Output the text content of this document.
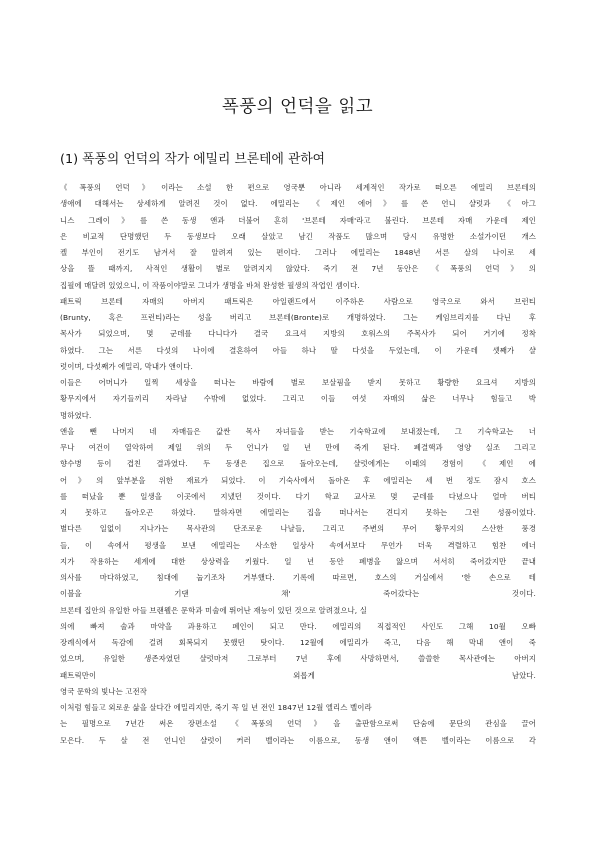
폭풍의 언덕을 읽고
(1) 폭풍의 언덕의 작가 에밀리 브론테에 관하여
《폭풍의 언덕》이라는 소설 한 편으로 영국뿐 아니라 세계적인 작가로 떠오른 에밀리 브론테의
생애에 대해서는 상세하게 알려진 것이 없다. 에밀리는 《제인 에어》를 쓴 언니 샬럿과 《아그
니스 그레이》를 쓴 동생 앤과 더불어 흔히 '브론테 자매'라고 불린다. 브론테 자매 가운데 제인
은 비교적 단명했던 두 동생보다 오래 살았고 남긴 작품도 많으며 당시 유명한 소설가이던 개스
켈 부인이 전기도 남겨서 잘 알려져 있는 편이다. 그러나 에밀리는 1848년 서른 살의 나이로 세
상을 뜰 때까지, 사적인 생활이 별로 알려지지 않았다. 죽기 전 7년 동안은 《폭풍의 언덕》의
집필에 매달려 있었으니, 이 작품이야말로 그녀가 생명을 바쳐 완성한 필생의 작업인 셈이다.
패트릭 브론테 자매의 아버지 패트릭은 아일랜드에서 이주하온 사람으로 영국으로 와서 브런티
(Brunty, 혹은 프런티)라는 성을 버리고 브론테(Bronte)로 개명하였다. 그는 케임브리지를 다닌 후
목사가 되었으며, 몇 군데를 다니다가 결국 요크셔 지방의 호워스의 주목사가 되어 거기에 정착
하였다. 그는 서른 다섯의 나이에 결혼하여 아들 하나 딸 다섯을 두었는데, 이 가운데 셋째가 샬
럿이며, 다섯째가 에밀리, 막내가 앤이다.
이들은 어머니가 일찍 세상을 떠나는 바람에 별로 보살핌을 받지 못하고 황량한 요크셔 지방의
황무지에서 자기들끼리 자라날 수밖에 없었다. 그리고 이들 여섯 자매의 삶은 너무나 힘들고 박
명하였다.
앤을 뺀 나머지 네 자매들은 값싼 목사 자녀들을 받는 기숙학교에 보내졌는데, 그 기숙학교는 너
무나 여건이 열악하여 제일 위의 두 언니가 일 년 만에 죽게 된다. 폐결핵과 영양 실조 그리고
향수병 등이 겹친 결과였다. 두 동생은 집으로 돌아오는데, 샬럿에게는 이때의 경험이 《제인 에
어》의 앞부분을 위한 재료가 되었다. 이 기숙사에서 돌아온 후 에밀리는 세 번 정도 잠시 호스
를 떠났을 뿐 일생을 이곳에서 지냈던 것이다. 다기 학교 교사로 몇 군데를 다녔으나 얼마 버티
지 못하고 돌아오곤 하였다. 말하자면 에밀리는 집을 떠나서는 견디지 못하는 그런 성품이었다.
별다른 일없이 지나가는 목사관의 단조로운 나날들, 그리고 주변의 무어 황무지의 스산한 풍경
들, 이 속에서 평생을 보낸 에밀리는 사소한 일상사 속에서보다 무언가 더욱 격렬하고 힘찬 에너
지가 작용하는 세계에 대한 상상력을 키웠다. 일 년 동안 폐병을 앓으며 서서히 죽어갔지만 끝내
의사를 마다하였고, 침대에 눕기조차 거부했다. 기록에 따르면, 호스의 거실에서 '한 손으로 테
이블을 기댄 채' 죽어갔다는 것이다.
브론테 집안의 유일한 아들 브랜웰은 문학과 미술에 뛰어난 재능이 있던 것으로 알려졌으나, 실
의에 빠져 술과 마약을 과용하고 폐인이 되고 만다. 에밀리의 직접적인 사인도 그해 10월 오빠
장례식에서 독감에 걸려 회복되지 못했던 탓이다. 12월에 에밀리가 죽고, 다음 해 막내 앤이 죽
었으며, 유일한 생존자였던 샬럿마저 그로부터 7년 후에 사망하면서, 쓸쓸한 목사관에는 아버지
패트릭만이 외롭게 남았다.
영국 문학의 빛나는 고전작
이처럼 힘들고 외로운 삶을 살다간 에밀리지만, 죽기 꼭 일 년 전인 1847년 12월 엘리스 벨이라
는 필명으로 7년간 써온 장편소설 《폭풍의 언덕》을 출판함으로써 단숨에 문단의 관심을 끌어
모은다. 두 살 전 언니인 샬럿이 커러 벨이라는 이름으로, 동생 앤이 액튼 벨이라는 이름으로 각
